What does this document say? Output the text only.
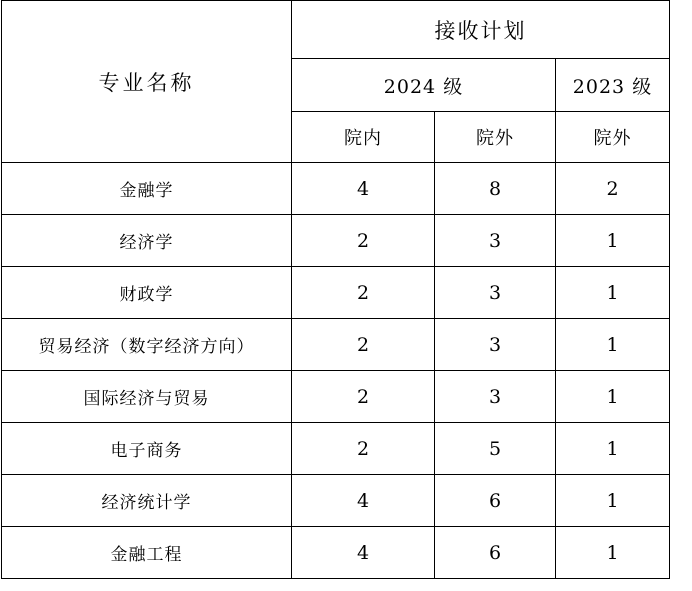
专业名称	接收计划		
	2024 级		2023 级
	院内	院外	院外
金融学	4	8	2
经济学	2	3	1
财政学	2	3	1
贸易经济（数字经济方向）	2	3	1
国际经济与贸易	2	3	1
电子商务	2	5	1
经济统计学	4	6	1
金融工程	4	6	1
